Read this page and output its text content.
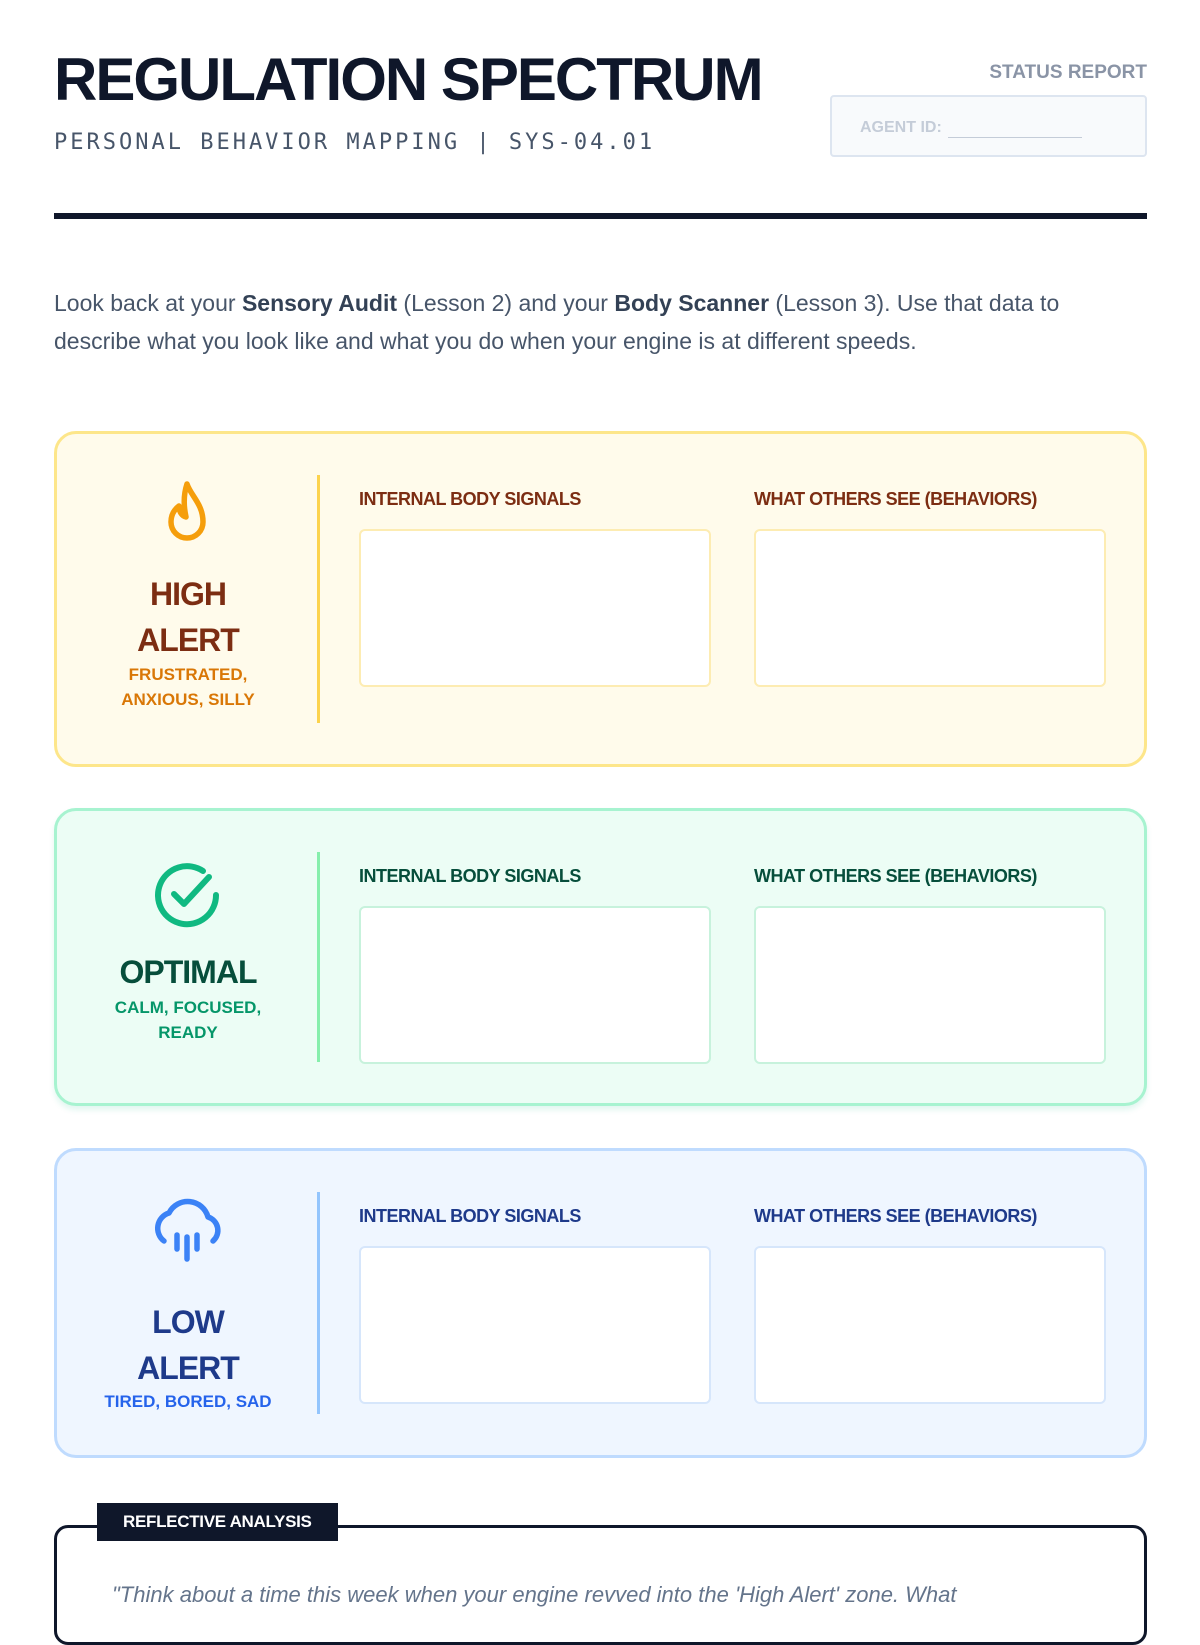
REGULATION SPECTRUM
PERSONAL BEHAVIOR MAPPING | SYS-04.01
STATUS REPORT
AGENT ID:
Look back at your Sensory Audit (Lesson 2) and your Body Scanner (Lesson 3). Use that data to describe what you look like and what you do when your engine is at different speeds.
HIGH
ALERT
FRUSTRATED, ANXIOUS, SILLY
INTERNAL BODY SIGNALS	WHAT OTHERS SEE (BEHAVIORS)
OPTIMAL
CALM, FOCUSED, READY
INTERNAL BODY SIGNALS	WHAT OTHERS SEE (BEHAVIORS)
LOW
ALERT
TIRED, BORED, SAD
INTERNAL BODY SIGNALS	WHAT OTHERS SEE (BEHAVIORS)
REFLECTIVE ANALYSIS
"Think about a time this week when your engine revved into the 'High Alert' zone. What
